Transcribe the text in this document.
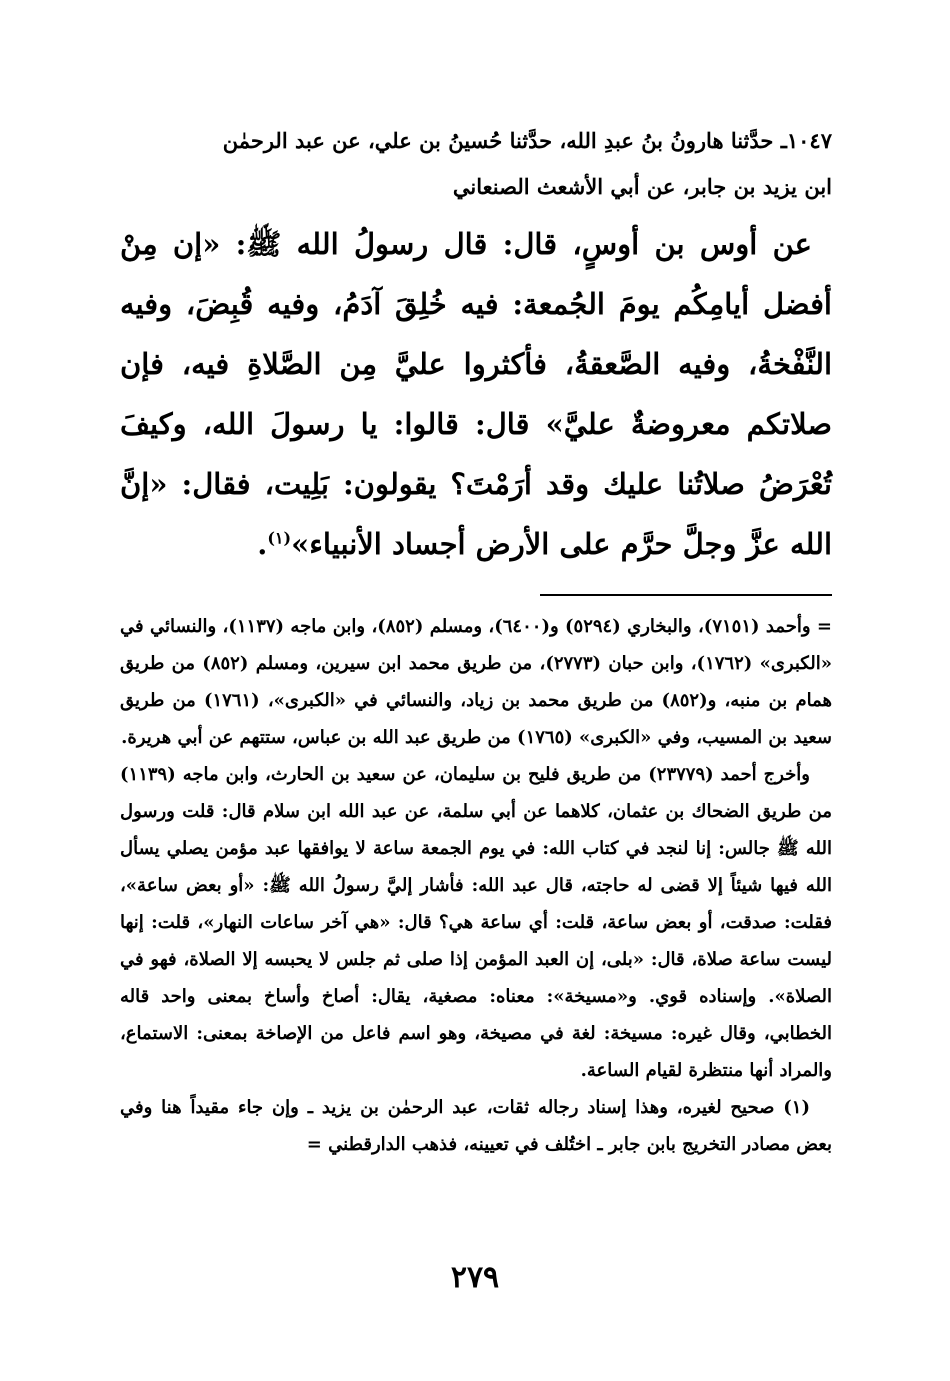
١٠٤٧ـ حدَّثنا هارونُ بنُ عبدِ الله، حدَّثنا حُسينُ بن علي، عن عبد الرحمٰن
ابن يزيد بن جابر، عن أبي الأشعث الصنعاني

عن أوس بن أوسٍ، قال: قال رسولُ الله ﷺ: «إن مِنْ أفضل أيامِكُم يومَ الجُمعة: فيه خُلِقَ آدَمُ، وفيه قُبِضَ، وفيه النَّفْخةُ، وفيه الصَّعقةُ، فأكثروا عليَّ مِن الصَّلاةِ فيه، فإن صلاتكم معروضةٌ عليَّ» قال: قالوا: يا رسولَ الله، وكيفَ تُعْرَضُ صلاتُنا عليك وقد أرَمْتَ؟ يقولون: بَلِيت، فقال: «إنَّ الله عزَّ وجلَّ حرَّم على الأرض أجساد الأنبياء»$^{(١)}$.

= وأحمد (٧١٥١)، والبخاري (٥٢٩٤) و(٦٤٠٠)، ومسلم (٨٥٢)، وابن ماجه (١١٣٧)، والنسائي في «الكبرى» (١٧٦٢)، وابن حبان (٢٧٧٣)، من طريق محمد ابن سيرين، ومسلم (٨٥٢) من طريق همام بن منبه، و(٨٥٢) من طريق محمد بن زياد، والنسائي في «الكبرى»، (١٧٦١) من طريق سعيد بن المسيب، وفي «الكبرى» (١٧٦٥) من طريق عبد الله بن عباس، ستتهم عن أبي هريرة.

وأخرج أحمد (٢٣٧٧٩) من طريق فليح بن سليمان، عن سعيد بن الحارث، وابن ماجه (١١٣٩) من طريق الضحاك بن عثمان، كلاهما عن أبي سلمة، عن عبد الله ابن سلام قال: قلت ورسول الله ﷺ جالس: إنا لنجد في كتاب الله: في يوم الجمعة ساعة لا يوافقها عبد مؤمن يصلي يسأل الله فيها شيئاً إلا قضى له حاجته، قال عبد الله: فأشار إليَّ رسولُ الله ﷺ: «أو بعض ساعة»، فقلت: صدقت، أو بعض ساعة، قلت: أي ساعة هي؟ قال: «هي آخر ساعات النهار»، قلت: إنها ليست ساعة صلاة، قال: «بلى، إن العبد المؤمن إذا صلى ثم جلس لا يحبسه إلا الصلاة، فهو في الصلاة». وإسناده قوي. و«مسيخة»: معناه: مصغية، يقال: أصاخ وأساخ بمعنى واحد قاله الخطابي، وقال غيره: مسيخة: لغة في مصيخة، وهو اسم فاعل من الإصاخة بمعنى: الاستماع، والمراد أنها منتظرة لقيام الساعة.

(١) صحيح لغيره، وهذا إسناد رجاله ثقات، عبد الرحمٰن بن يزيد ـ وإن جاء مقيداً هنا وفي بعض مصادر التخريج بابن جابر ـ اختُلف في تعيينه، فذهب الدارقطني =

٢٧٩
